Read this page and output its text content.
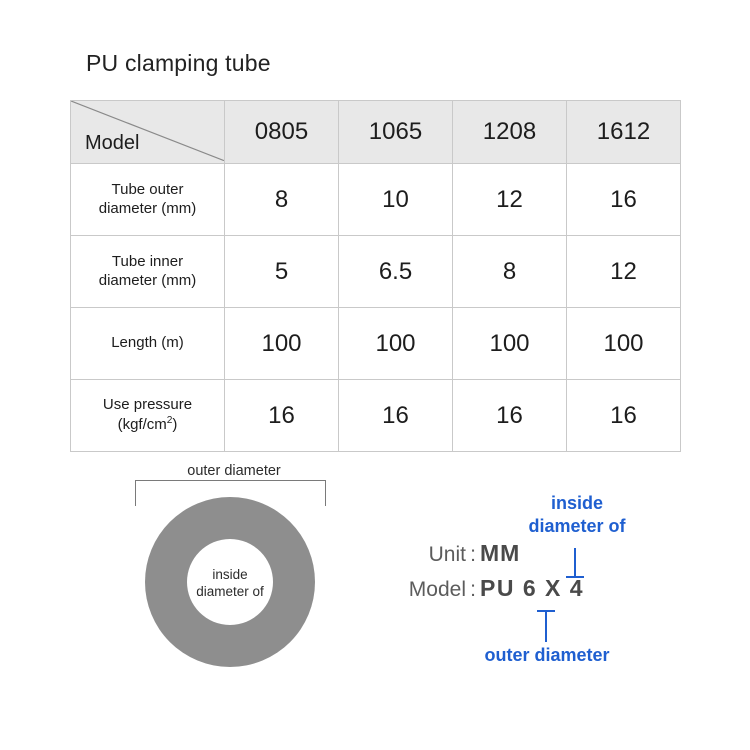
PU clamping tube
Model	0805	1065	1208	1612

Tube outer
diameter (mm)	8	10	12	16

Tube inner
diameter (mm)	5	6.5	8	12

Length (m)	100	100	100	100

Use pressure
$(kgf/cm^2)$	16	16	16	16
outer diameter
inside
diameter of
inside
diameter of
Unit : MM
Model : PU 6 X 4
outer diameter
